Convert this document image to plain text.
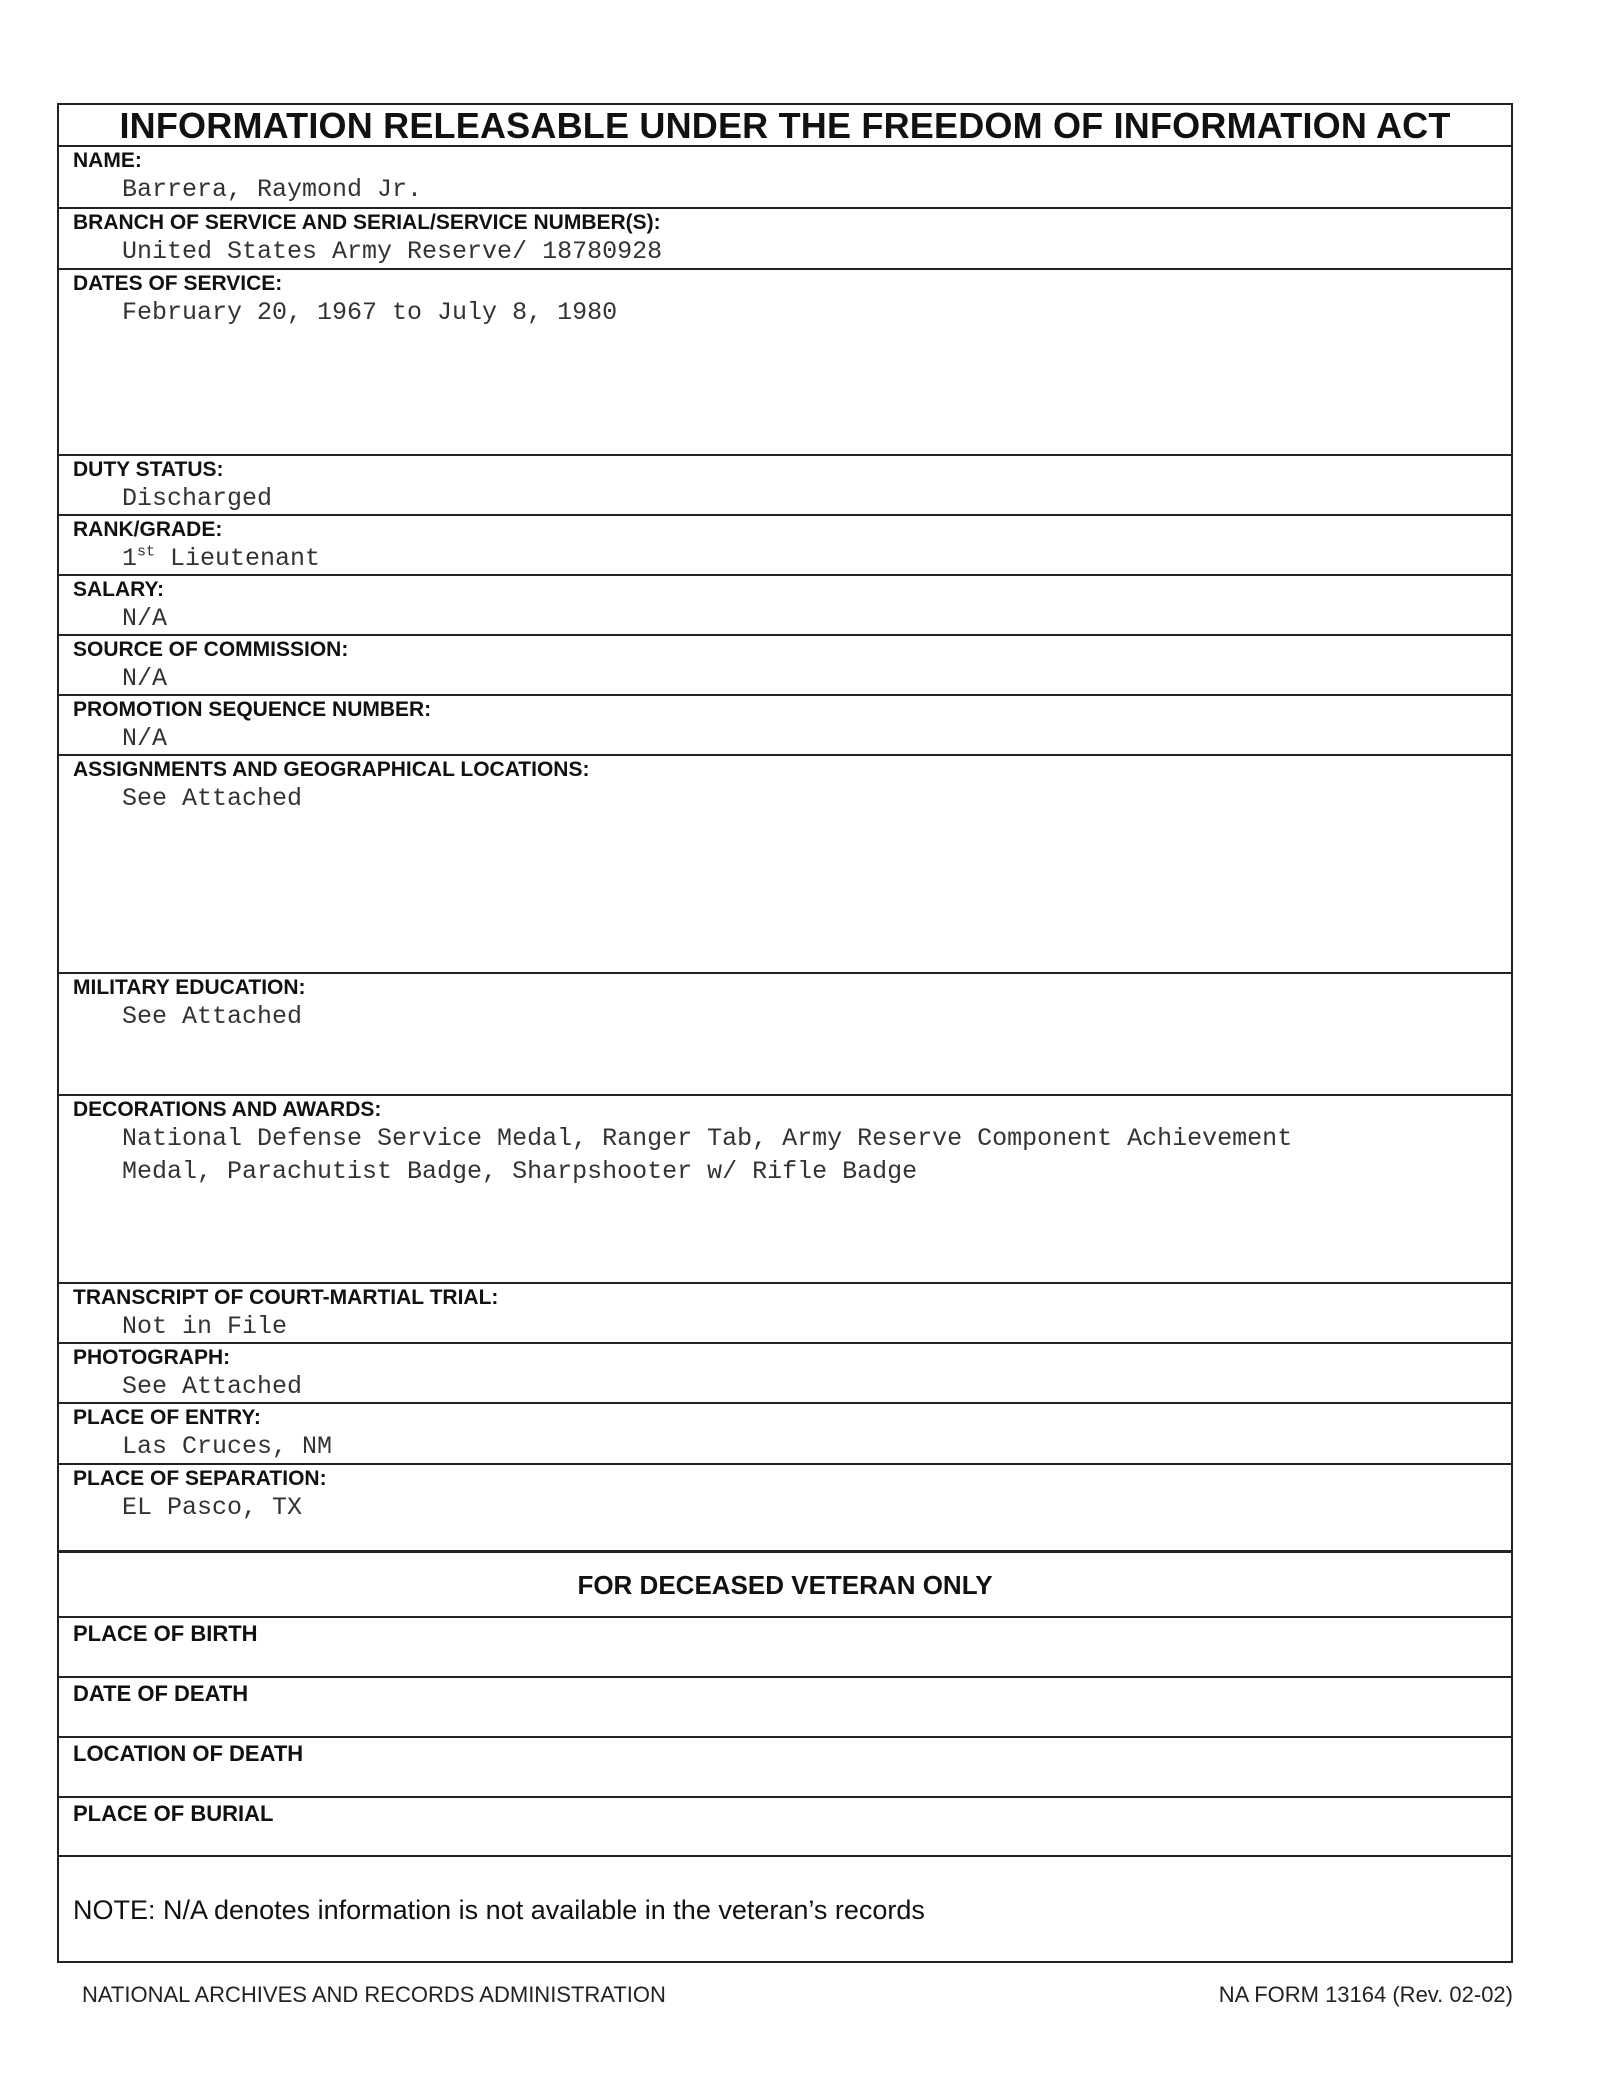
INFORMATION RELEASABLE UNDER THE FREEDOM OF INFORMATION ACT
NAME:
Barrera, Raymond Jr.
BRANCH OF SERVICE AND SERIAL/SERVICE NUMBER(S):
United States Army Reserve/ 18780928
DATES OF SERVICE:
February 20, 1967 to July 8, 1980
DUTY STATUS:
Discharged
RANK/GRADE:
1st Lieutenant
SALARY:
N/A
SOURCE OF COMMISSION:
N/A
PROMOTION SEQUENCE NUMBER:
N/A
ASSIGNMENTS AND GEOGRAPHICAL LOCATIONS:
See Attached
MILITARY EDUCATION:
See Attached
DECORATIONS AND AWARDS:
National Defense Service Medal, Ranger Tab, Army Reserve Component Achievement
Medal, Parachutist Badge, Sharpshooter w/ Rifle Badge
TRANSCRIPT OF COURT-MARTIAL TRIAL:
Not in File
PHOTOGRAPH:
See Attached
PLACE OF ENTRY:
Las Cruces, NM
PLACE OF SEPARATION:
EL Pasco, TX
FOR DECEASED VETERAN ONLY
PLACE OF BIRTH
DATE OF DEATH
LOCATION OF DEATH
PLACE OF BURIAL
NOTE: N/A denotes information is not available in the veteran’s records
NATIONAL ARCHIVES AND RECORDS ADMINISTRATION	NA FORM 13164 (Rev. 02-02)
